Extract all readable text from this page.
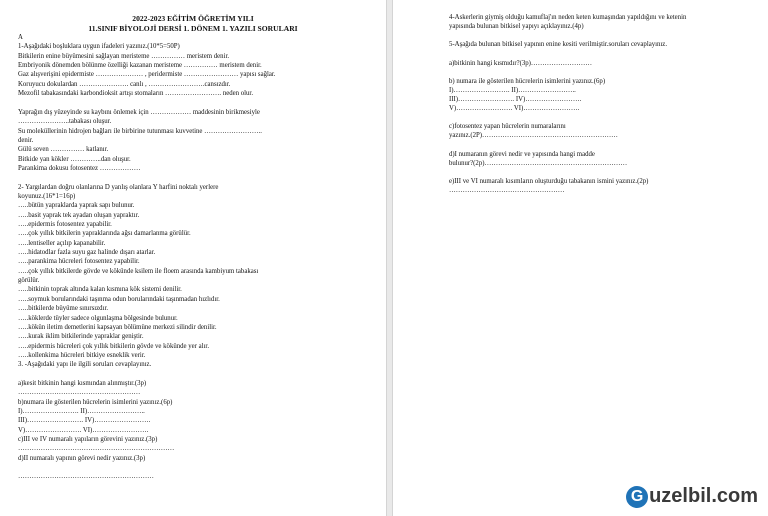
2022-2023 EĞİTİM ÖĞRETİM YILI
11.SINIF BİYOLOJİ DERSİ 1. DÖNEM 1. YAZILI SORULARI
A
1-Aşağıdaki boşluklara uygun ifadeleri yazınız.(10*5=50P)
Bitkilerin enine büyümesini sağlayan meristeme …………… meristem denir.
Embriyonik dönemden bölünme özelliği kazanan meristeme …………… meristem denir.
Gaz alışverişini epidermiste ………………… , peridermiste …………………… yapısı sağlar.
Koruyucu dokulardan …………………. canlı , …………………….cansızdır.
Mezofil tabakasındaki karbondioksit artışı stomaların ……………………. neden olur.
Yaprağın dış yüzeyinde su kaybını önlemek için ……………… maddesinin birikmesiyle
…………………..tabakası oluşur.
Su moleküllerinin hidrojen bağları ile birbirine tutunması kuvvetine ……………………..
denir.
Gülü seven …………… katlanır.
Bitkide yan kökler …………..dan oluşur.
Parankima dokusu fotosentez ………………
2- Yargılardan doğru olanlarına D yanlış olanlara Y harfini noktalı yerlere
koyunuz.(16*1=16p)
…..bütün yapraklarda yaprak sapı bulunur.
…..basit yaprak tek ayadan oluşan yapraktır.
…..epidermis fotosentez yapabilir.
…..çok yıllık bitkilerin yapraklarında ağsı damarlanma görülür.
…..lentiseller açılıp kapanabilir.
…..hidatodlar fazla suyu gaz halinde dışarı atarlar.
…..parankima hücreleri fotosentez yapabilir.
…..çok yıllık bitkilerde gövde ve kökünde ksilem ile floem arasında kambiyum tabakası
görülür.
…..bitkinin toprak altında kalan kısmına kök sistemi denilir.
…..soymuk borularındaki taşınma odun borularındaki taşınmadan hızlıdır.
…..bitkilerde büyüme sınırsızdır.
…..köklerde tüyler sadece olgunlaşma bölgesinde bulunur.
…..kökün iletim demetlerini kapsayan bölümüne merkezi silindir denilir.
…..kurak iklim bitkilerinde yapraklar geniştir.
…..epidermis hücreleri çok yıllık bitkilerin gövde ve kökünde yer alır.
…..kollenkima hücreleri bitkiye esneklik verir.
3. -Aşağıdaki yapı ile ilgili soruları cevaplayınız.
a)kesit bitkinin hangi kısmından alınmıştır.(3p)
………………………………………………
b)numara ile gösterilen hücrelerin isimlerini yazınız.(6p)
I)……………………. II)……………………..
III)……………………. IV)…………………….
V)……………………. VI)…………………….
c)III ve IV numaralı yapıların görevini yazınız.(3p)
……………………………………………………………
d)II numaralı yapının görevi nedir yazınız.(3p)
……………………………………………………
4-Askerlerin giymiş olduğu kamuflaj'ın neden keten kumaşından yapıldığını ve ketenin
yapısında bulunan bitkisel yapıyı açıklayınız.(4p)
5-Aşağıda bulunan bitkisel yapının enine kesiti verilmiştir.soruları cevaplayınız.
a)bitkinin hangi kısmıdır?(3p)………………………
b) numara ile gösterilen hücrelerin isimlerini yazınız.(6p)
I)……………………. II)……………………..
III)……………………. IV)…………………….
V)……………………. VI)…………………….
c)fotosentez yapan hücrelerin numaralarını
yazınız.(2P)……………………………………………………
d)I numaranın görevi nedir ve yapısında hangi madde
bulunur?(2p)………………………………………………………
e)III ve VI numaralı kısımların oluşturduğu tabakanın ismini yazınız.(2p)
……………………………………………
G uzelbil.com
